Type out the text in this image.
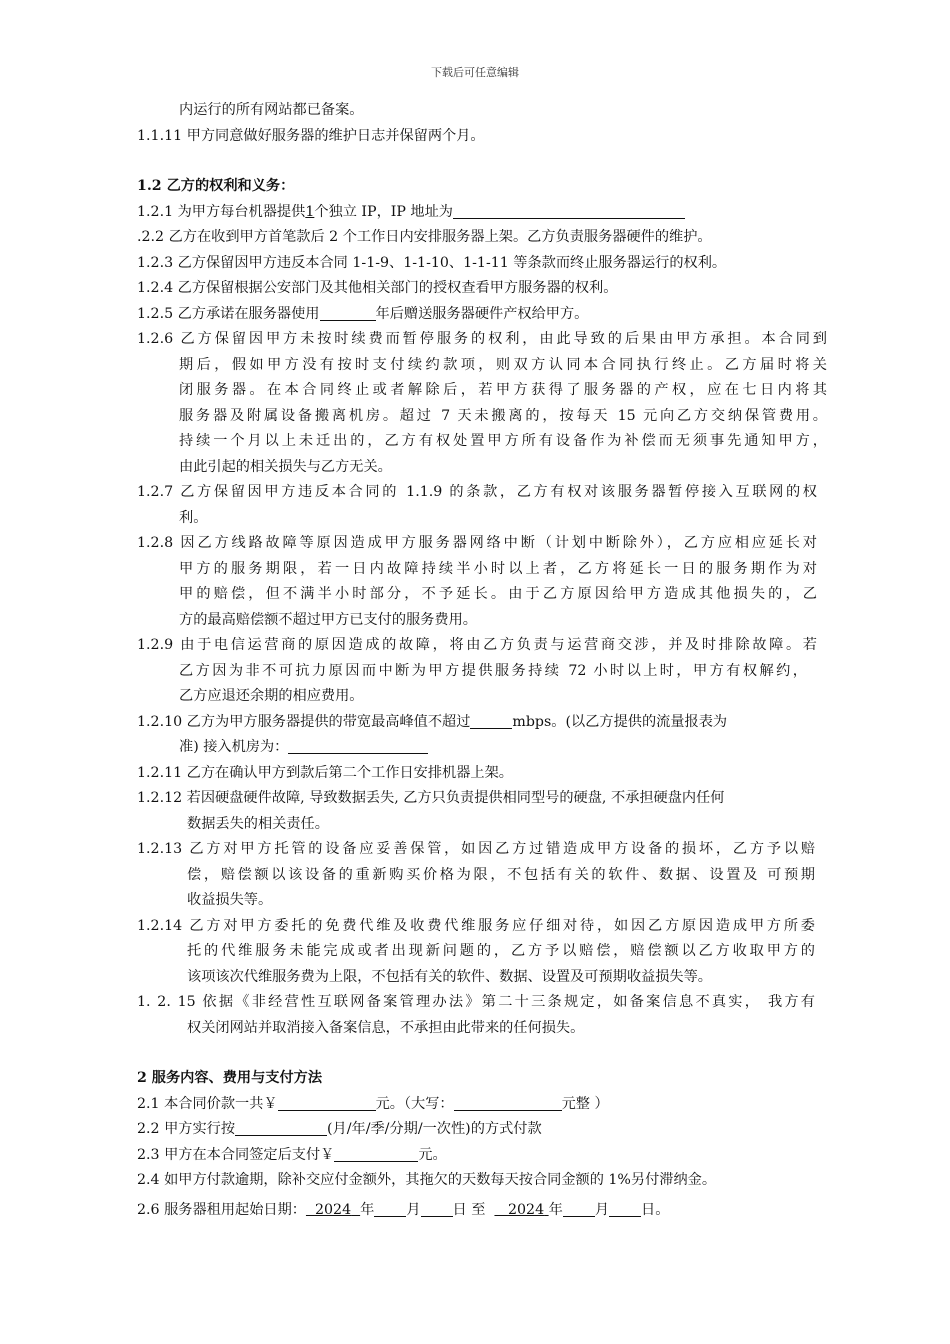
下载后可任意编辑
内运行的所有网站都已备案。
1.1.11 甲方同意做好服务器的维护日志并保留两个月。
1.2 乙方的权利和义务：
1.2.1 为甲方每台机器提供1个独立 IP，IP 地址为
.2.2 乙方在收到甲方首笔款后 2 个工作日内安排服务器上架。乙方负责服务器硬件的维护。
1.2.3 乙方保留因甲方违反本合同 1-1-9、1-1-10、1-1-11 等条款而终止服务器运行的权利。
1.2.4 乙方保留根据公安部门及其他相关部门的授权查看甲方服务器的权利。
1.2.5 乙方承诺在服务器使用	年后赠送服务器硬件产权给甲方。
1.2.6 乙方保留因甲方未按时续费而暂停服务的权利，由此导致的后果由甲方承担。本合同到
期后，假如甲方没有按时支付续约款项，则双方认同本合同执行终止。乙方届时将关
闭服务器。在本合同终止或者解除后，若甲方获得了服务器的产权，应在七日内将其
服务器及附属设备搬离机房。超过 7 天未搬离的，按每天 15 元向乙方交纳保管费用。
持续一个月以上未迁出的，乙方有权处置甲方所有设备作为补偿而无须事先通知甲方，
由此引起的相关损失与乙方无关。
1.2.7 乙方保留因甲方违反本合同的 1.1.9 的条款，乙方有权对该服务器暂停接入互联网的权
利。
1.2.8 因乙方线路故障等原因造成甲方服务器网络中断（计划中断除外），乙方应相应延长对
甲方的服务期限，若一日内故障持续半小时以上者，乙方将延长一日的服务期作为对
甲的赔偿，但不满半小时部分，不予延长。由于乙方原因给甲方造成其他损失的，乙
方的最高赔偿额不超过甲方已支付的服务费用。
1.2.9 由于电信运营商的原因造成的故障，将由乙方负责与运营商交涉，并及时排除故障。若
乙方因为非不可抗力原因而中断为甲方提供服务持续 72 小时以上时，甲方有权解约，
乙方应退还余期的相应费用。
1.2.10 乙方为甲方服务器提供的带宽最高峰值不超过	mbps。(以乙方提供的流量报表为
准) 接入机房为：
1.2.11 乙方在确认甲方到款后第二个工作日安排机器上架。
1.2.12 若因硬盘硬件故障, 导致数据丢失, 乙方只负责提供相同型号的硬盘, 不承担硬盘内任何
数据丢失的相关责任。
1.2.13 乙方对甲方托管的设备应妥善保管，如因乙方过错造成甲方设备的损坏，乙方予以赔
偿，赔偿额以该设备的重新购买价格为限，不包括有关的软件、数据、设置及 可预期
收益损失等。
1.2.14 乙方对甲方委托的免费代维及收费代维服务应仔细对待，如因乙方原因造成甲方所委
托的代维服务未能完成或者出现新问题的，乙方予以赔偿，赔偿额以乙方收取甲方的
该项该次代维服务费为上限，不包括有关的软件、数据、设置及可预期收益损失等。
1. 2. 15 依据《非经营性互联网备案管理办法》第二十三条规定，如备案信息不真实， 我方有
权关闭网站并取消接入备案信息，不承担由此带来的任何损失。
2 服务内容、费用与支付方法
2.1 本合同价款一共￥	元。（大写：	元整 ）
2.2 甲方实行按	(月/年/季/分期/一次性)的方式付款
2.3 甲方在本合同签定后支付￥	元。
2.4 如甲方付款逾期，除补交应付金额外，其拖欠的天数每天按合同金额的 1%另付滞纳金。
2.6 服务器租用起始日期： 2024 年 月 日 至 2024 年 月 日。
